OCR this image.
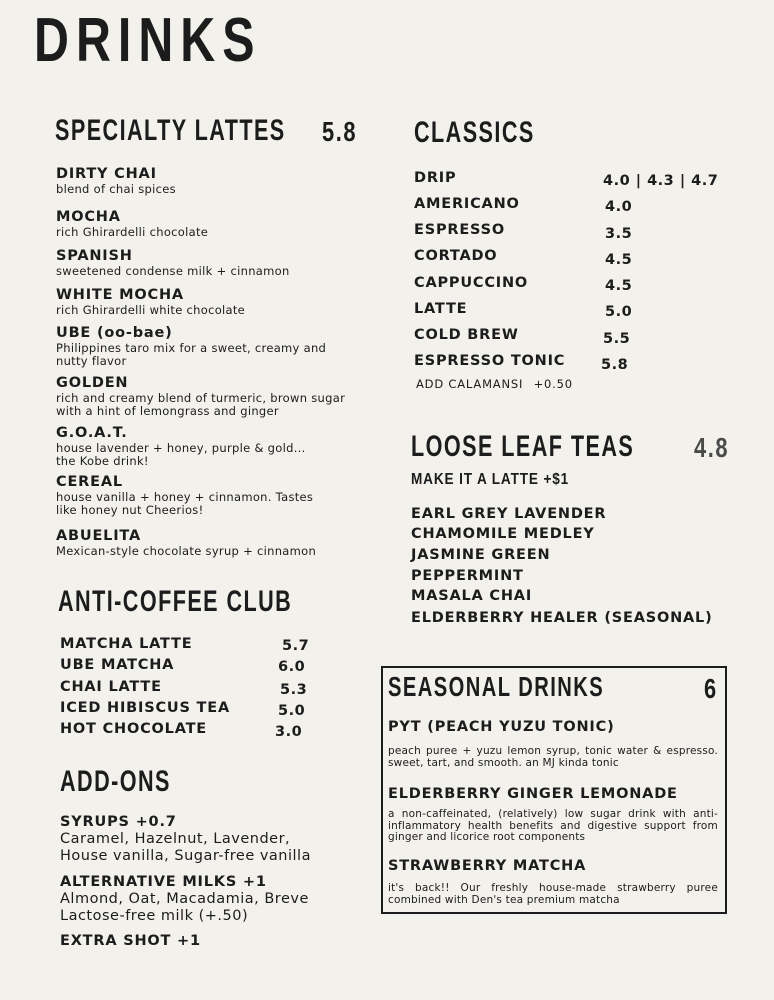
DRINKS
SPECIALTY LATTES 5.8
DIRTY CHAI
blend of chai spices
MOCHA
rich Ghirardelli chocolate
SPANISH
sweetened condense milk + cinnamon
WHITE MOCHA
rich Ghirardelli white chocolate
UBE (oo-bae)
Philippines taro mix for a sweet, creamy and nutty flavor
GOLDEN
rich and creamy blend of turmeric, brown sugar with a hint of lemongrass and ginger
G.O.A.T.
house lavender + honey, purple & gold... the Kobe drink!
CEREAL
house vanilla + honey + cinnamon. Tastes like honey nut Cheerios!
ABUELITA
Mexican-style chocolate syrup + cinnamon
ANTI-COFFEE CLUB
MATCHA LATTE	5.7
UBE MATCHA	6.0
CHAI LATTE	5.3
ICED HIBISCUS TEA	5.0
HOT CHOCOLATE	3.0
ADD-ONS
SYRUPS +0.7
Caramel, Hazelnut, Lavender,
House vanilla, Sugar-free vanilla
ALTERNATIVE MILKS +1
Almond, Oat, Macadamia, Breve
Lactose-free milk (+.50)
EXTRA SHOT +1
CLASSICS
DRIP	4.0 | 4.3 | 4.7
AMERICANO	4.0
ESPRESSO	3.5
CORTADO	4.5
CAPPUCCINO	4.5
LATTE	5.0
COLD BREW	5.5
ESPRESSO TONIC 5.8
ADD CALAMANSI +0.50
LOOSE LEAF TEAS 4.8
MAKE IT A LATTE +$1
EARL GREY LAVENDER
CHAMOMILE MEDLEY
JASMINE GREEN
PEPPERMINT
MASALA CHAI
ELDERBERRY HEALER (SEASONAL)
SEASONAL DRINKS	6
PYT (PEACH YUZU TONIC)
peach puree + yuzu lemon syrup, tonic water & espresso. sweet, tart, and smooth. an MJ kinda tonic
ELDERBERRY GINGER LEMONADE
a non-caffeinated, (relatively) low sugar drink with anti-inflammatory health benefits and digestive support from ginger and licorice root components
STRAWBERRY MATCHA
it's back!! Our freshly house-made strawberry puree combined with Den's tea premium matcha
